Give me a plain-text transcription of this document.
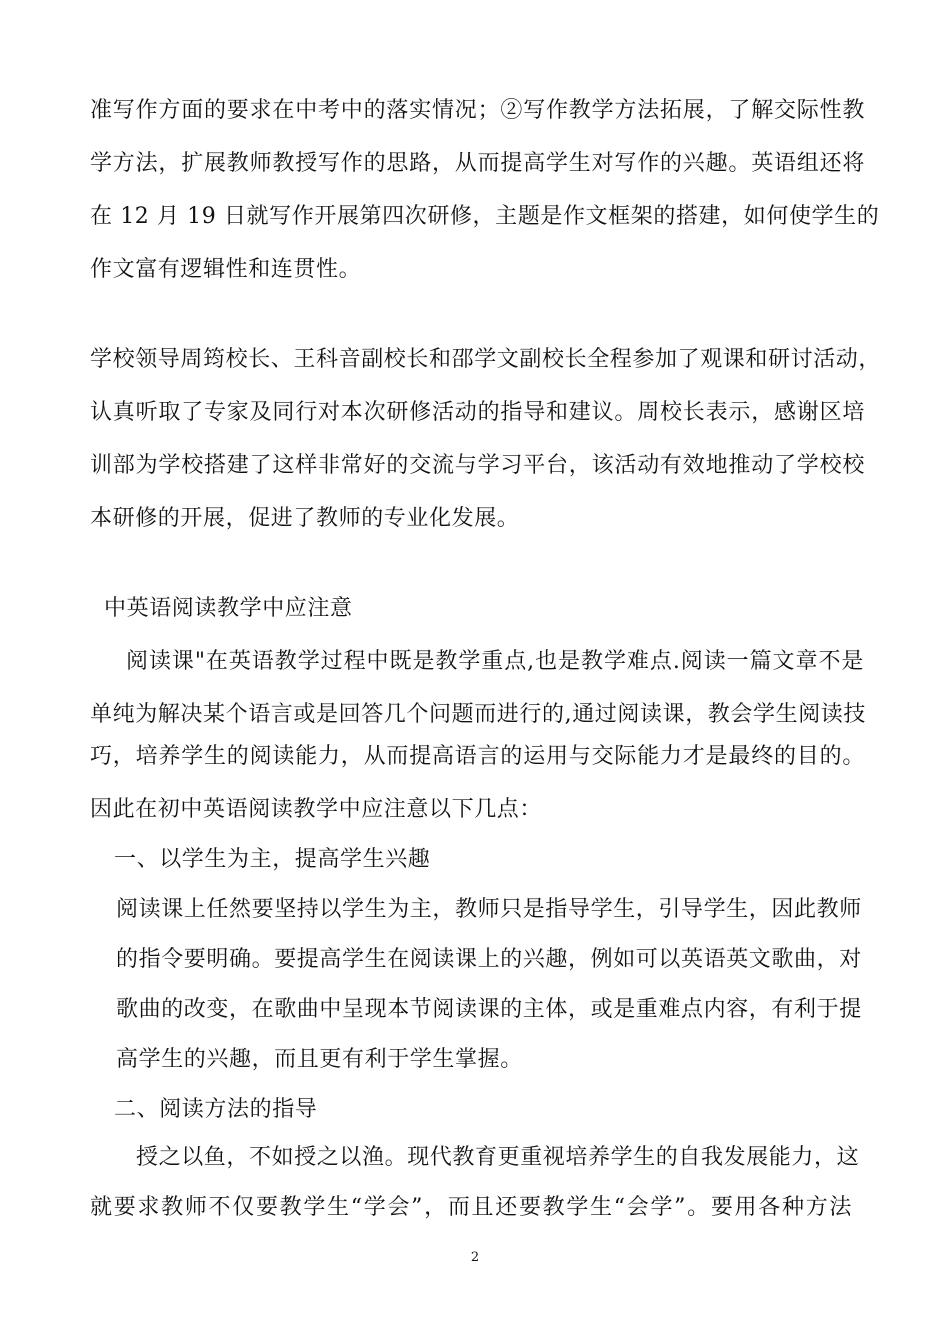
准写作方面的要求在中考中的落实情况；②写作教学方法拓展，了解交际性教
学方法，扩展教师教授写作的思路，从而提高学生对写作的兴趣。英语组还将
在 12 月 19 日就写作开展第四次研修，主题是作文框架的搭建，如何使学生的
作文富有逻辑性和连贯性。
学校领导周筠校长、王科音副校长和邵学文副校长全程参加了观课和研讨活动，
认真听取了专家及同行对本次研修活动的指导和建议。周校长表示，感谢区培
训部为学校搭建了这样非常好的交流与学习平台，该活动有效地推动了学校校
本研修的开展，促进了教师的专业化发展。
中英语阅读教学中应注意
阅读课"在英语教学过程中既是教学重点,也是教学难点.阅读一篇文章不是
单纯为解决某个语言或是回答几个问题而进行的,通过阅读课，教会学生阅读技
巧，培养学生的阅读能力，从而提高语言的运用与交际能力才是最终的目的。
因此在初中英语阅读教学中应注意以下几点：
一、以学生为主，提高学生兴趣
阅读课上任然要坚持以学生为主，教师只是指导学生，引导学生，因此教师
的指令要明确。要提高学生在阅读课上的兴趣，例如可以英语英文歌曲，对
歌曲的改变，在歌曲中呈现本节阅读课的主体，或是重难点内容，有利于提
高学生的兴趣，而且更有利于学生掌握。
二、阅读方法的指导
授之以鱼，不如授之以渔。现代教育更重视培养学生的自我发展能力，这
就要求教师不仅要教学生“学会”，而且还要教学生“会学”。要用各种方法
2
